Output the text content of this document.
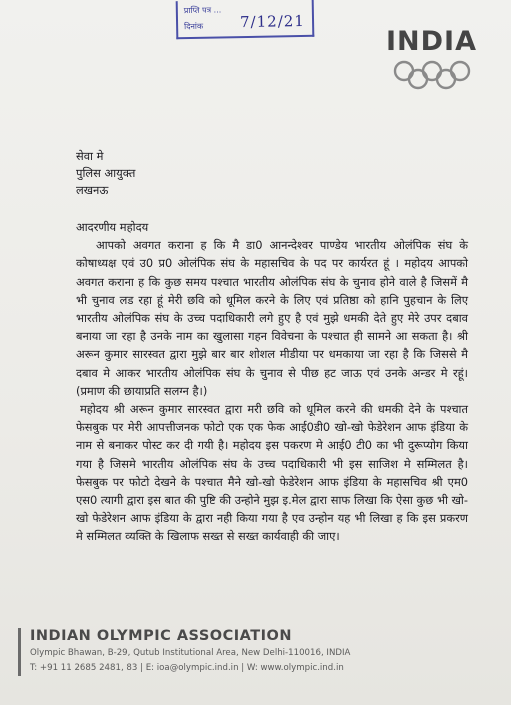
प्राप्ति पत्र ...
दिनांक 7/12/21
INDIA
सेवा मे
पुलिस आयुक्त
लखनऊ
आदरणीय महोदय

आपको अवगत कराना ह कि मै डा0 आनन्देश्वर पाण्डेय भारतीय ओलंपिक संघ के कोषाध्यक्ष एवं उ0 प्र0 ओलंपिक संघ के महासचिव के पद पर कार्यरत हूं । महोदय आपको अवगत कराना ह कि कुछ समय पश्चात भारतीय ओलंपिक संघ के चुनाव होने वाले है जिसमें मै भी चुनाव लड रहा हूं मेरी छवि को धूमिल करने के लिए एवं प्रतिष्ठा को हानि पुहचान के लिए भारतीय ओलंपिक संघ के उच्च पदाधिकारी लगे हुए है एवं मुझे धमकी देते हुए मेरे उपर दबाव बनाया जा रहा है उनके नाम का खुलासा गहन विवेचना के पश्चात ही सामने आ सकता है। श्री अरून कुमार सारस्वत द्वारा मुझे बार बार शोशल मीडीया पर धमकाया जा रहा है कि जिससे मै दबाव मे आकर भारतीय ओलंपिक संघ के चुनाव से पीछ हट जाऊ एवं उनके अन्डर मे रहूं। (प्रमाण की छायाप्रति सलग्न है।)

महोदय श्री अरून कुमार सारस्वत द्वारा मरी छवि को धूमिल करने की धमकी देने के पश्चात फेसबुक पर मेरी आपत्तीजनक फोटो एक एक फेक आई0डी0 खो-खो फेडेरेशन आफ इंडिया के नाम से बनाकर पोस्ट कर दी गयी है। महोदय इस पकरण मे आई0 टी0 का भी दुरूप्योग किया गया है जिसमे भारतीय ओलंपिक संघ के उच्च पदाधिकारी भी इस साजिश मे सम्मिलत है। फेसबुक पर फोटो देखने के पश्चात मैने खो-खो फेडेरेशन आफ इंडिया के महासचिव श्री एम0 एस0 त्यागी द्वारा इस बात की पुष्टि की उन्होने मुझ इ.मेल द्वारा साफ लिखा कि ऐसा कुछ भी खो-खो फेडेरेशन आफ इंडिया के द्वारा नही किया गया है एव उन्होन यह भी लिखा ह कि इस प्रकरण मे सम्मिलत व्यक्ति के खिलाफ सख्त से सख्त कार्यवाही की जाए।

INDIAN OLYMPIC ASSOCIATION
Olympic Bhawan, B-29, Qutub Institutional Area, New Delhi-110016, INDIA
T: +91 11 2685 2481, 83 | E: ioa@olympic.ind.in | W: www.olympic.ind.in
